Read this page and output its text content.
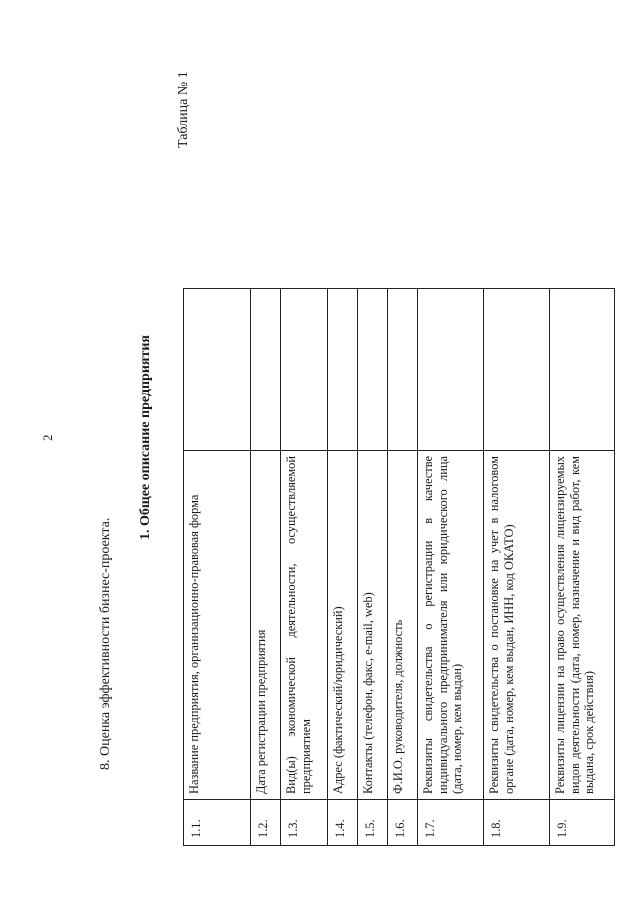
2
8. Оценка эффективности бизнес-проекта.
1. Общее описание предприятия
Таблица № 1
1.1.	Название предприятия, организационно-правовая форма	
1.2.	Дата регистрации предприятия	
1.3.	Вид(ы) экономической деятельности, осуществляемой предприятием	
1.4.	Адрес (фактический/юридический)	
1.5.	Контакты (телефон, факс, e-mail, web)	
1.6.	Ф.И.О. руководителя, должность	
1.7.	Реквизиты свидетельства о регистрации в качестве индивидуального предпринимателя или юридического лица (дата, номер, кем выдан)	
1.8.	Реквизиты свидетельства о постановке на учет в налоговом органе (дата, номер, кем выдан, ИНН, код ОКАТО)	
1.9.	Реквизиты лицензии на право осуществления лицензируемых видов деятельности (дата, номер, назначение и вид работ, кем выдана, срок действия)	
